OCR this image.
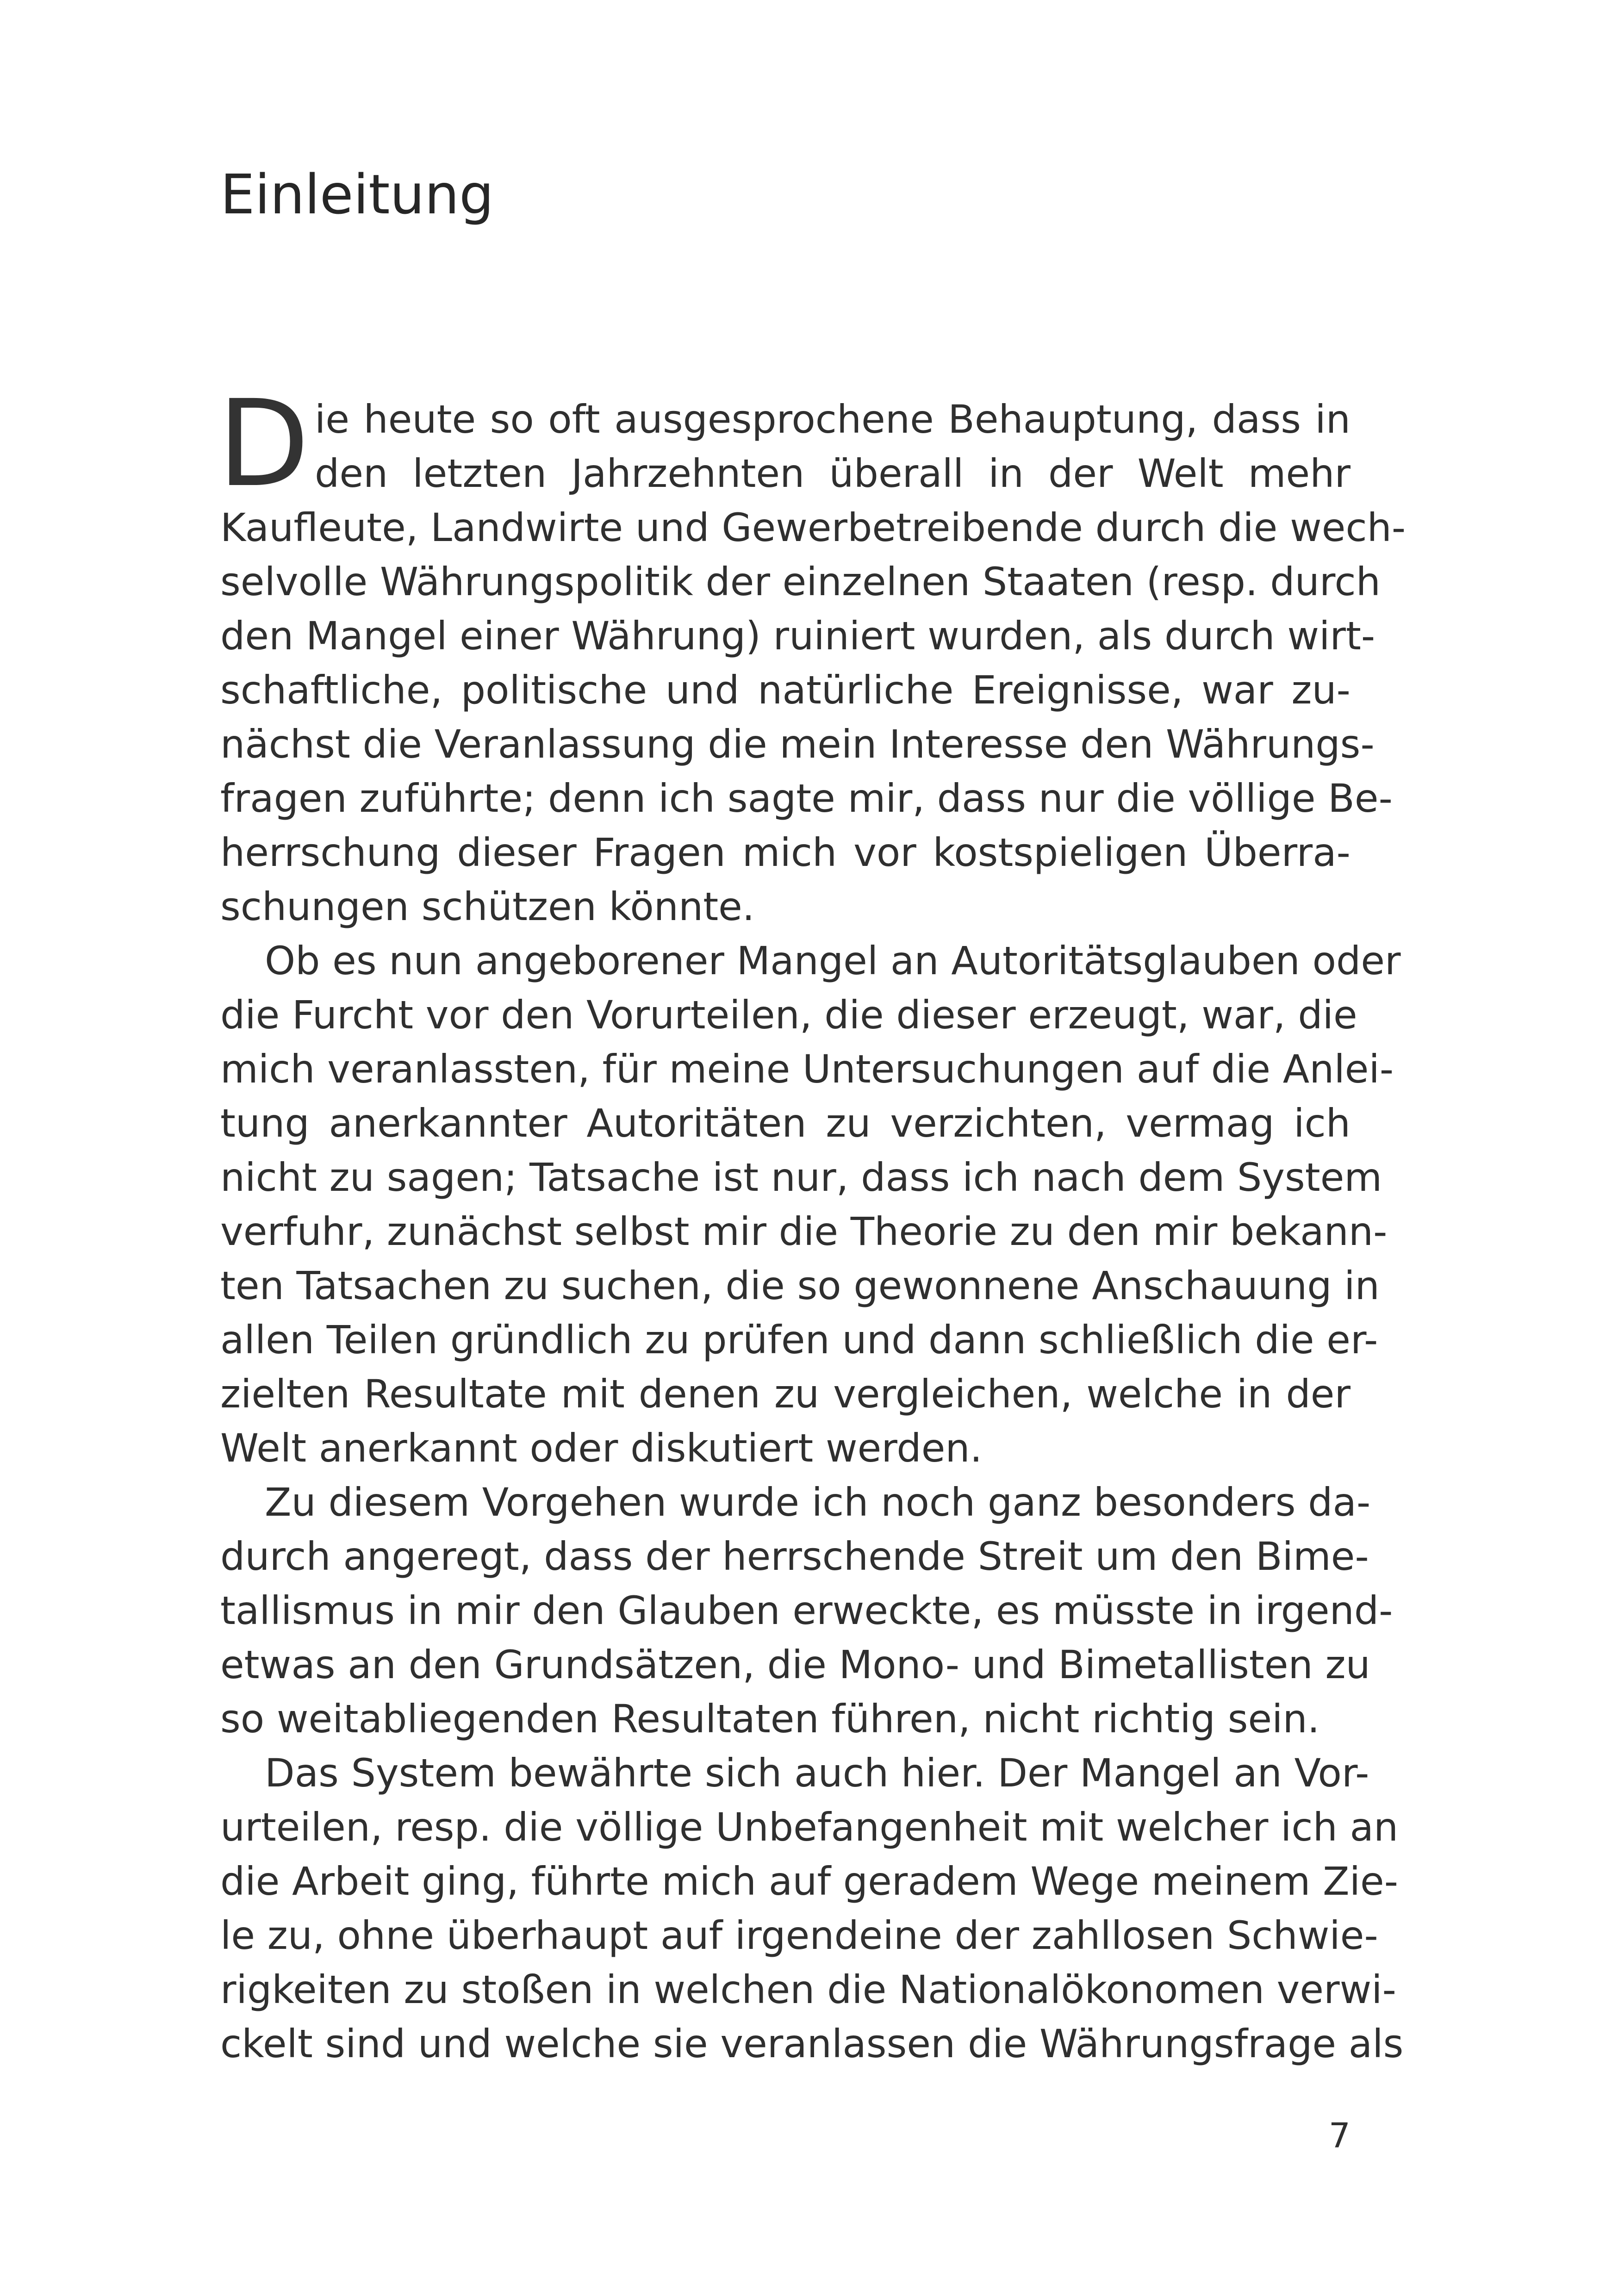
Einleitung
D ie heute so oft ausgesprochene Behauptung, dass in
den letzten Jahrzehnten überall in der Welt mehr
Kaufleute, Landwirte und Gewerbetreibende durch die wech-
selvolle Währungspolitik der einzelnen Staaten (resp. durch
den Mangel einer Währung) ruiniert wurden, als durch wirt-
schaftliche, politische und natürliche Ereignisse, war zu-
nächst die Veranlassung die mein Interesse den Währungs-
fragen zuführte; denn ich sagte mir, dass nur die völlige Be-
herrschung dieser Fragen mich vor kostspieligen Überra-
schungen schützen könnte.
Ob es nun angeborener Mangel an Autoritätsglauben oder
die Furcht vor den Vorurteilen, die dieser erzeugt, war, die
mich veranlassten, für meine Untersuchungen auf die Anlei-
tung anerkannter Autoritäten zu verzichten, vermag ich
nicht zu sagen; Tatsache ist nur, dass ich nach dem System
verfuhr, zunächst selbst mir die Theorie zu den mir bekann-
ten Tatsachen zu suchen, die so gewonnene Anschauung in
allen Teilen gründlich zu prüfen und dann schließlich die er-
zielten Resultate mit denen zu vergleichen, welche in der
Welt anerkannt oder diskutiert werden.
Zu diesem Vorgehen wurde ich noch ganz besonders da-
durch angeregt, dass der herrschende Streit um den Bime-
tallismus in mir den Glauben erweckte, es müsste in irgend-
etwas an den Grundsätzen, die Mono- und Bimetallisten zu
so weitabliegenden Resultaten führen, nicht richtig sein.
Das System bewährte sich auch hier. Der Mangel an Vor-
urteilen, resp. die völlige Unbefangenheit mit welcher ich an
die Arbeit ging, führte mich auf geradem Wege meinem Zie-
le zu, ohne überhaupt auf irgendeine der zahllosen Schwie-
rigkeiten zu stoßen in welchen die Nationalökonomen verwi-
ckelt sind und welche sie veranlassen die Währungsfrage als
7
